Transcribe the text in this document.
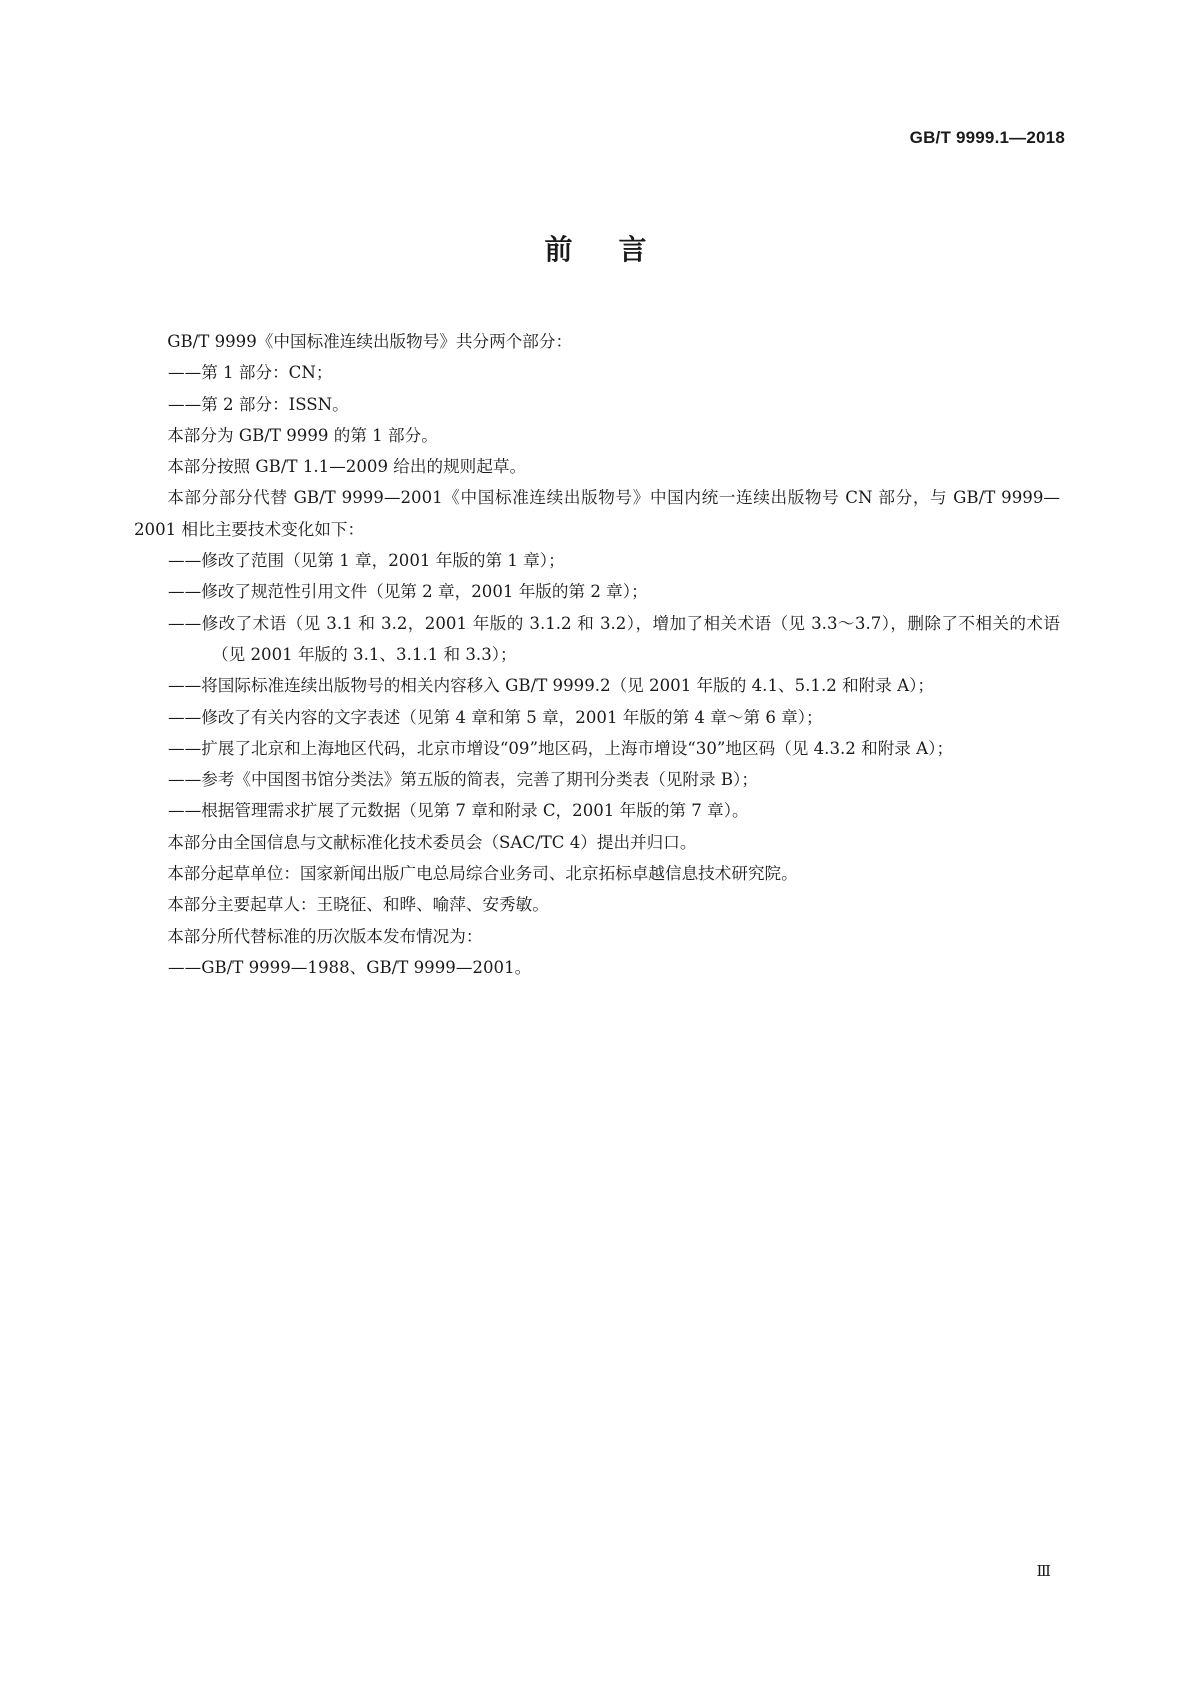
GB/T 9999.1—2018
前言

GB/T 9999《中国标准连续出版物号》共分两个部分：

——第 1 部分：CN；

——第 2 部分：ISSN。

本部分为 GB/T 9999 的第 1 部分。

本部分按照 GB/T 1.1—2009 给出的规则起草。

本部分部分代替 GB/T 9999—2001《中国标准连续出版物号》中国内统一连续出版物号 CN 部分，与 GB/T 9999—2001 相比主要技术变化如下：

——修改了范围（见第 1 章，2001 年版的第 1 章）；

——修改了规范性引用文件（见第 2 章，2001 年版的第 2 章）；

——修改了术语（见 3.1 和 3.2，2001 年版的 3.1.2 和 3.2），增加了相关术语（见 3.3～3.7），删除了不相关的术语（见 2001 年版的 3.1、3.1.1 和 3.3）；

——将国际标准连续出版物号的相关内容移入 GB/T 9999.2（见 2001 年版的 4.1、5.1.2 和附录 A）；

——修改了有关内容的文字表述（见第 4 章和第 5 章，2001 年版的第 4 章～第 6 章）；

——扩展了北京和上海地区代码，北京市增设“09”地区码，上海市增设“30”地区码（见 4.3.2 和附录 A）；

——参考《中国图书馆分类法》第五版的简表，完善了期刊分类表（见附录 B）；

——根据管理需求扩展了元数据（见第 7 章和附录 C，2001 年版的第 7 章）。

本部分由全国信息与文献标准化技术委员会（SAC/TC 4）提出并归口。

本部分起草单位：国家新闻出版广电总局综合业务司、北京拓标卓越信息技术研究院。

本部分主要起草人：王晓征、和晔、喻萍、安秀敏。

本部分所代替标准的历次版本发布情况为：

——GB/T 9999—1988、GB/T 9999—2001。

Ⅲ
